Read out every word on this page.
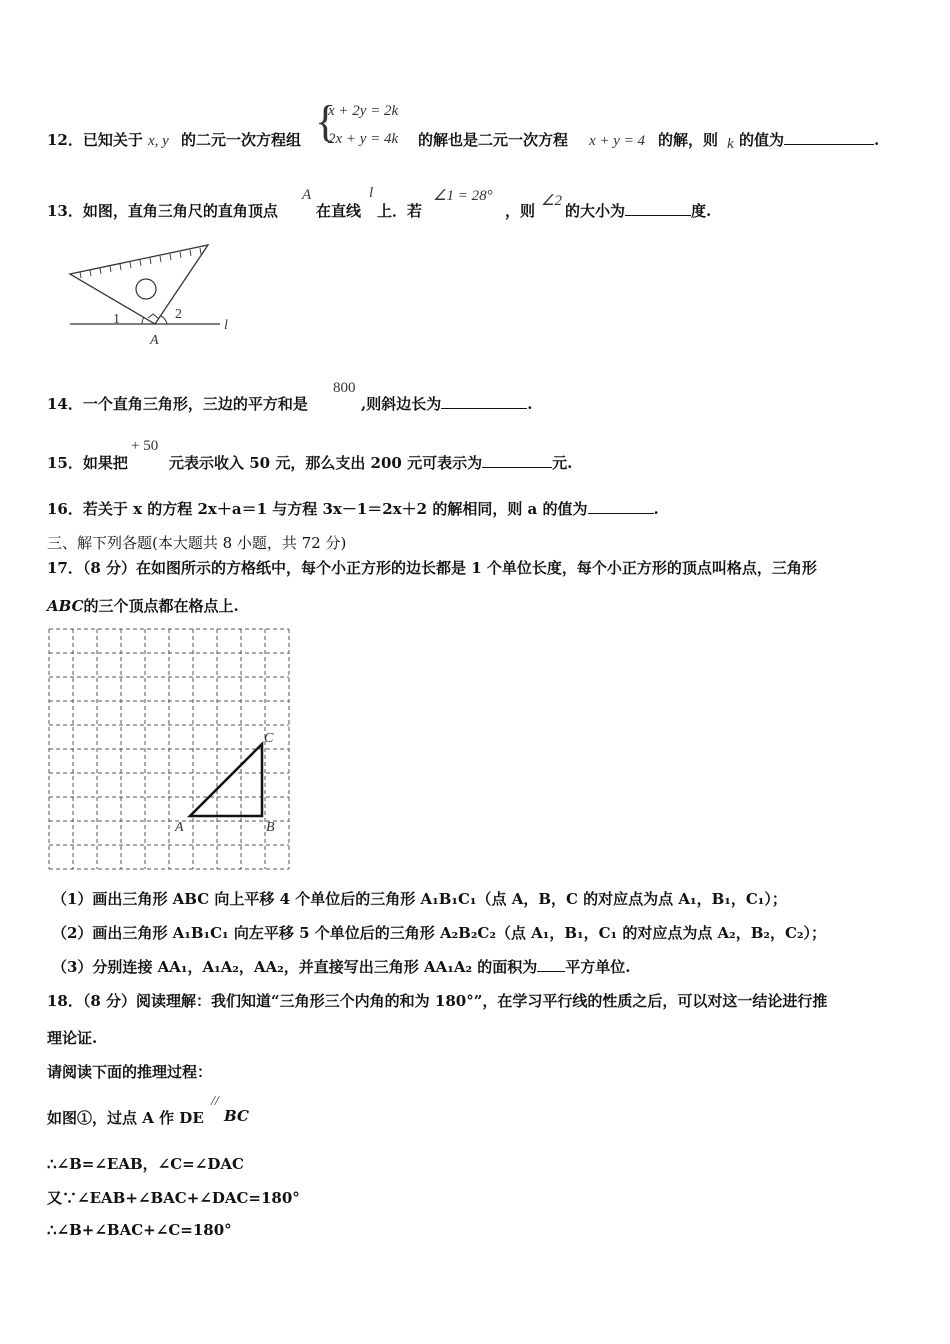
12．已知关于 x, y 的二元一次方程组 {
x + 2y = 2k
2x + y = 4k 的解也是二元一次方程 x + y = 4 的解，则 k 的值为	.
13．如图，直角三角尺的直角顶点
A
在直线
l
上．若
∠1 = 28°
，则
∠2
的大小为	度.
1	2
A
l
14．一个直角三角形，三边的平方和是
800
,则斜边长为	.
15．如果把
+ 50
元表示收入 50 元，那么支出 200 元可表示为	元.
16．若关于 x 的方程 2x＋a＝1 与方程 3x－1＝2x＋2 的解相同，则 a 的值为	.
三、解下列各题(本大题共 8 小题，共 72 分)
17．（8 分）在如图所示的方格纸中，每个小正方形的边长都是 1 个单位长度，每个小正方形的顶点叫格点，三角形
ABC的三个顶点都在格点上.
A	B
C
（1）画出三角形 ABC 向上平移 4 个单位后的三角形 A₁B₁C₁（点 A，B，C 的对应点为点 A₁，B₁，C₁）；
（2）画出三角形 A₁B₁C₁ 向左平移 5 个单位后的三角形 A₂B₂C₂（点 A₁，B₁，C₁ 的对应点为点 A₂，B₂，C₂）；
（3）分别连接 AA₁，A₁A₂，AA₂，并直接写出三角形 AA₁A₂ 的面积为 平方单位.
18．（8 分）阅读理解：我们知道“三角形三个内角的和为 180°”，在学习平行线的性质之后，可以对这一结论进行推
理论证.
请阅读下面的推理过程：
如图①，过点 A 作 DE
//
BC
∴∠B=∠EAB，∠C=∠DAC
又∵∠EAB+∠BAC+∠DAC=180°
∴∠B+∠BAC+∠C=180°
